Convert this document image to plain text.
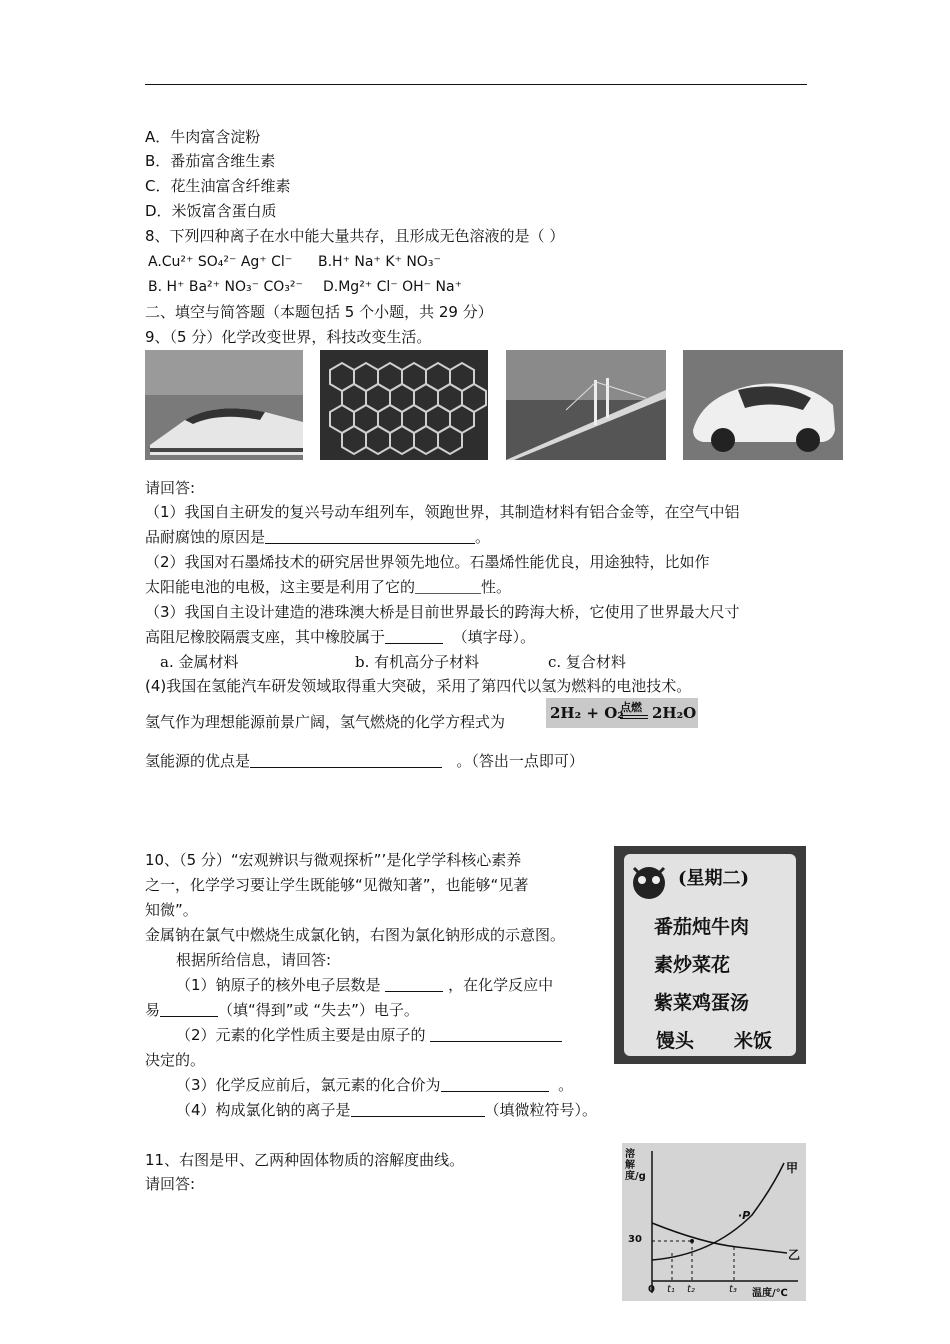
A．牛肉富含淀粉
B．番茄富含维生素
C．花生油富含纤维素
D．米饭富含蛋白质
8、下列四种离子在水中能大量共存，且形成无色溶液的是（ ）
A.Cu²⁺ SO₄²⁻ Ag⁺ Cl⁻ B.H⁺ Na⁺ K⁺ NO₃⁻
B. H⁺ Ba²⁺ NO₃⁻ CO₃²⁻ D.Mg²⁺ Cl⁻ OH⁻ Na⁺
二、填空与简答题（本题包括 5 个小题，共 29 分）
9、（5 分）化学改变世界，科技改变生活。
请回答:
（1）我国自主研发的复兴号动车组列车，领跑世界，其制造材料有铝合金等，在空气中铝
品耐腐蚀的原因是	。
（2）我国对石墨烯技术的研究居世界领先地位。石墨烯性能优良，用途独特，比如作
太阳能电池的电极，这主要是利用了它的	性。
（3）我国自主设计建造的港珠澳大桥是目前世界最长的跨海大桥，它使用了世界最大尺寸
高阻尼橡胶隔震支座，其中橡胶属于	（填字母）。
a. 金属材料	b. 有机高分子材料	c. 复合材料
(4)我国在氢能汽车研发领域取得重大突破，采用了第四代以氢为燃料的电池技术。
氢气作为理想能源前景广阔，氢气燃烧的化学方程式为	2H₂ + O₂
点燃 2H₂O
氢能源的优点是	。（答出一点即可）
10、（5 分）“宏观辨识与微观探析”’是化学学科核心素养
之一，化学学习要让学生既能够“见微知著”，也能够“见著
知微”。
金属钠在氯气中燃烧生成氯化钠，右图为氯化钠形成的示意图。
根据所给信息，请回答:
（1）钠原子的核外电子层数是	，在化学反应中
易	（填“得到”或 “失去”）电子。
（2）元素的化学性质主要是由原子的
决定的。
（3）化学反应前后，氯元素的化合价为	。
（4）构成氯化钠的离子是	（填微粒符号）。
(星期二)
番茄炖牛肉
素炒菜花
紫菜鸡蛋汤
馒头 米饭
11、右图是甲、乙两种固体物质的溶解度曲线。
请回答:
溶解度/g
30
0 t₁ t₂	t₃ 温度/℃
甲
乙
·P
